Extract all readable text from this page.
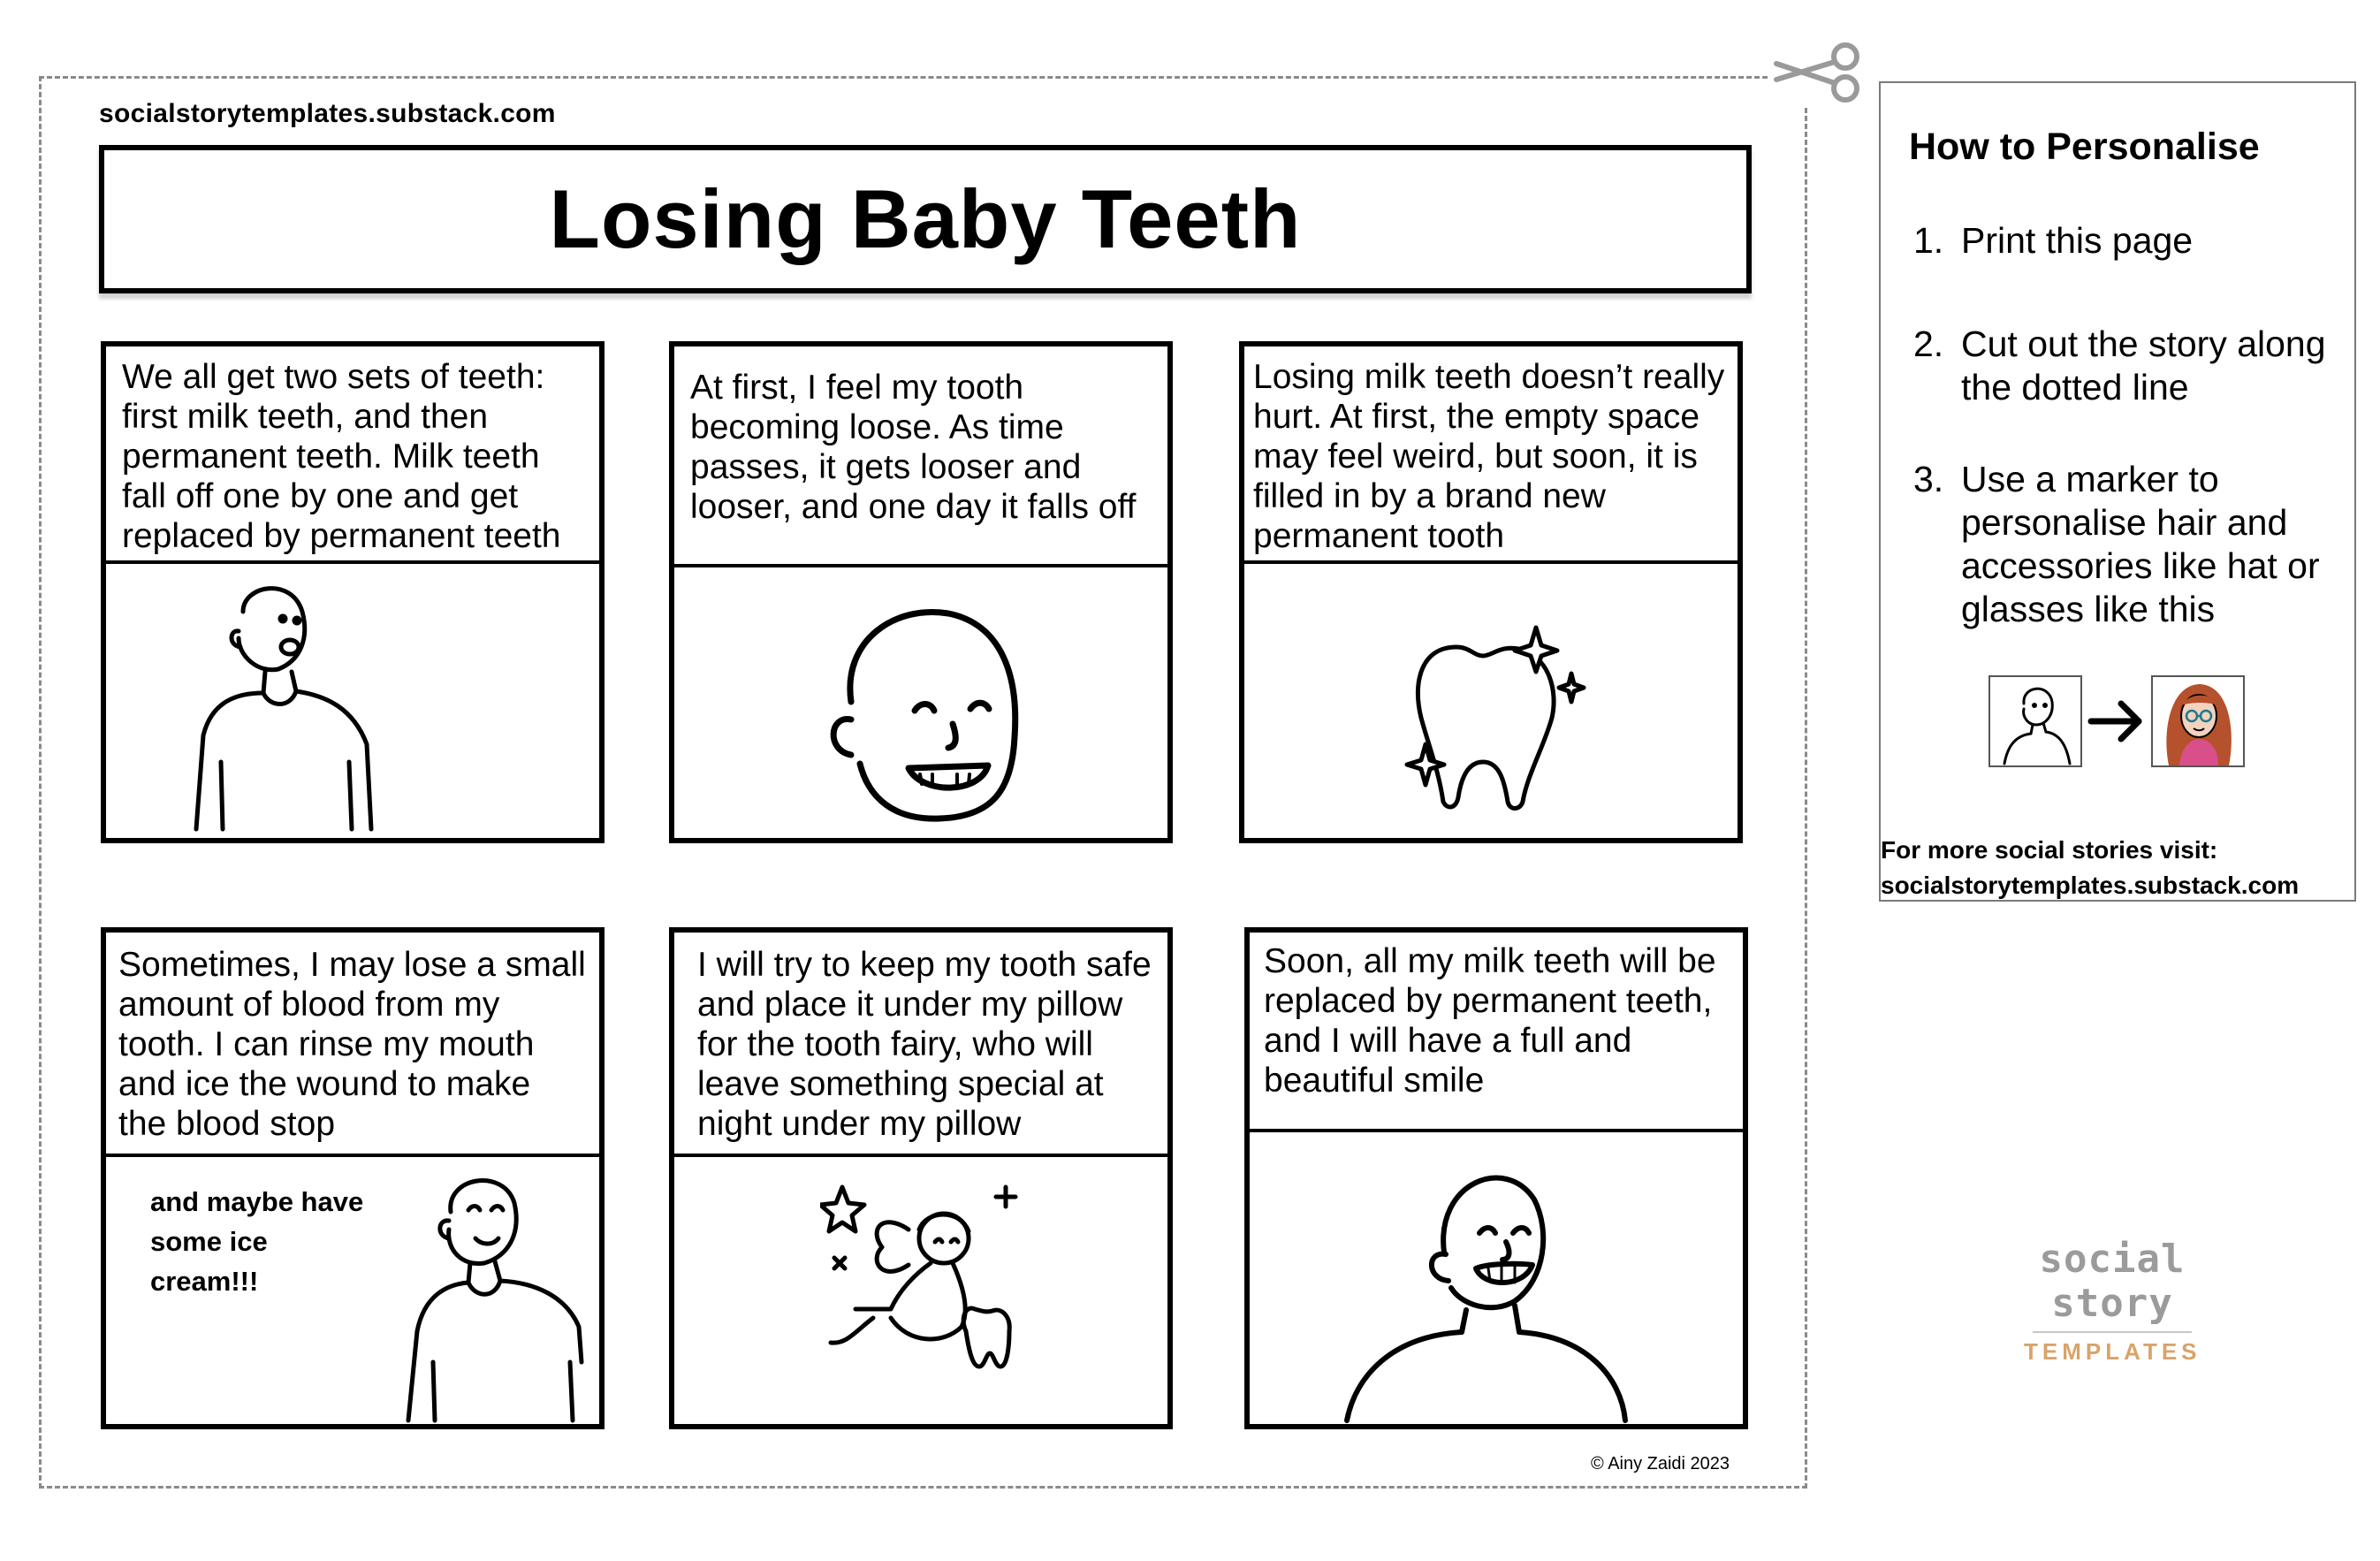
socialstorytemplates.substack.com
Losing Baby Teeth
We all get two sets of teeth: first milk teeth, and then permanent teeth. Milk teeth fall off one by one and get replaced by permanent teeth
At first, I feel my tooth becoming loose. As time passes, it gets looser and looser, and one day it falls off
Losing milk teeth doesn’t really hurt. At first, the empty space may feel weird, but soon, it is filled in by a brand new permanent tooth
Sometimes, I may lose a small amount of blood from my tooth. I can rinse my mouth and ice the wound to make the blood stop
and maybe have some ice cream!!!
I will try to keep my tooth safe and place it under my pillow for the tooth fairy, who will leave something special at night under my pillow
Soon, all my milk teeth will be replaced by permanent teeth, and I will have a full and beautiful smile
© Ainy Zaidi 2023
How to Personalise
1. Print this page
2. Cut out the story along the dotted line
3. Use a marker to personalise hair and accessories like hat or glasses like this
For more social stories visit:
socialstorytemplates.substack.com
social
story
TEMPLATES
